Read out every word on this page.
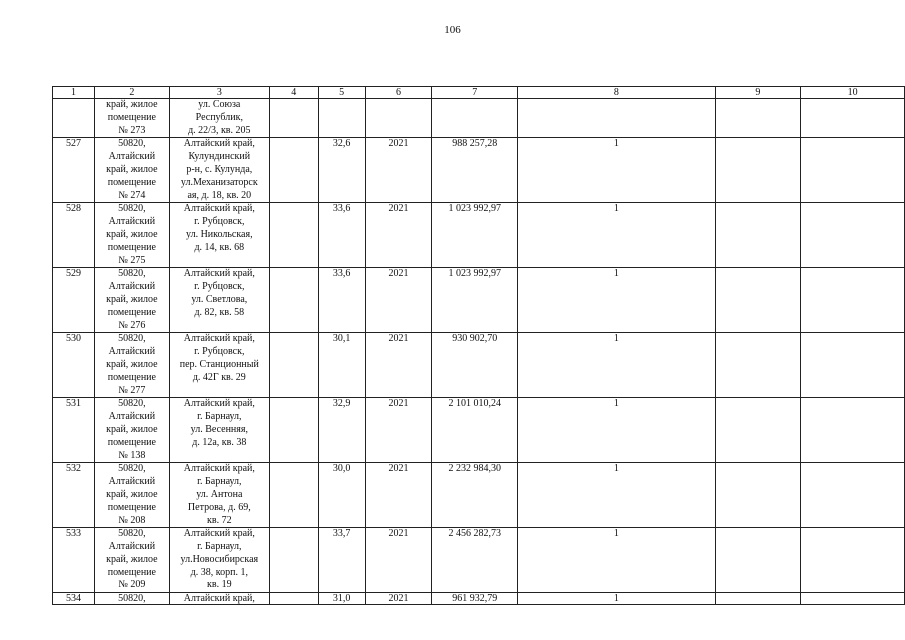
106
1	2	3	4	5	6	7	8	9	10

	край, жилое
помещение
№ 273	ул. Союза
Республик,
д. 22/3, кв. 205							

527	50820,
Алтайский
край, жилое
помещение
№ 274	Алтайский край,
Кулундинский
р-н, с. Кулунда,
ул.Механизаторск
ая, д. 18, кв. 20		32,6	2021	988 257,28	1		
528	50820,
Алтайский
край, жилое
помещение
№ 275	Алтайский край,
г. Рубцовск,
ул. Никольская,
д. 14, кв. 68		33,6	2021	1 023 992,97	1		
529	50820,
Алтайский
край, жилое
помещение
№ 276	Алтайский край,
г. Рубцовск,
ул. Светлова,
д. 82, кв. 58		33,6	2021	1 023 992,97	1		
530	50820,
Алтайский
край, жилое
помещение
№ 277	Алтайский край,
г. Рубцовск,
пер. Станционный
д. 42Г кв. 29		30,1	2021	930 902,70	1		
531	50820,
Алтайский
край, жилое
помещение
№ 138	Алтайский край,
г. Барнаул,
ул. Весенняя,
д. 12а, кв. 38		32,9	2021	2 101 010,24	1		
532	50820,
Алтайский
край, жилое
помещение
№ 208	Алтайский край,
г. Барнаул,
ул. Антона
Петрова, д. 69,
кв. 72		30,0	2021	2 232 984,30	1		
533	50820,
Алтайский
край, жилое
помещение
№ 209	Алтайский край,
г. Барнаул,
ул.Новосибирская
д. 38, корп. 1,
кв. 19		33,7	2021	2 456 282,73	1		
534	50820,	Алтайский край,		31,0	2021	961 932,79	1		
